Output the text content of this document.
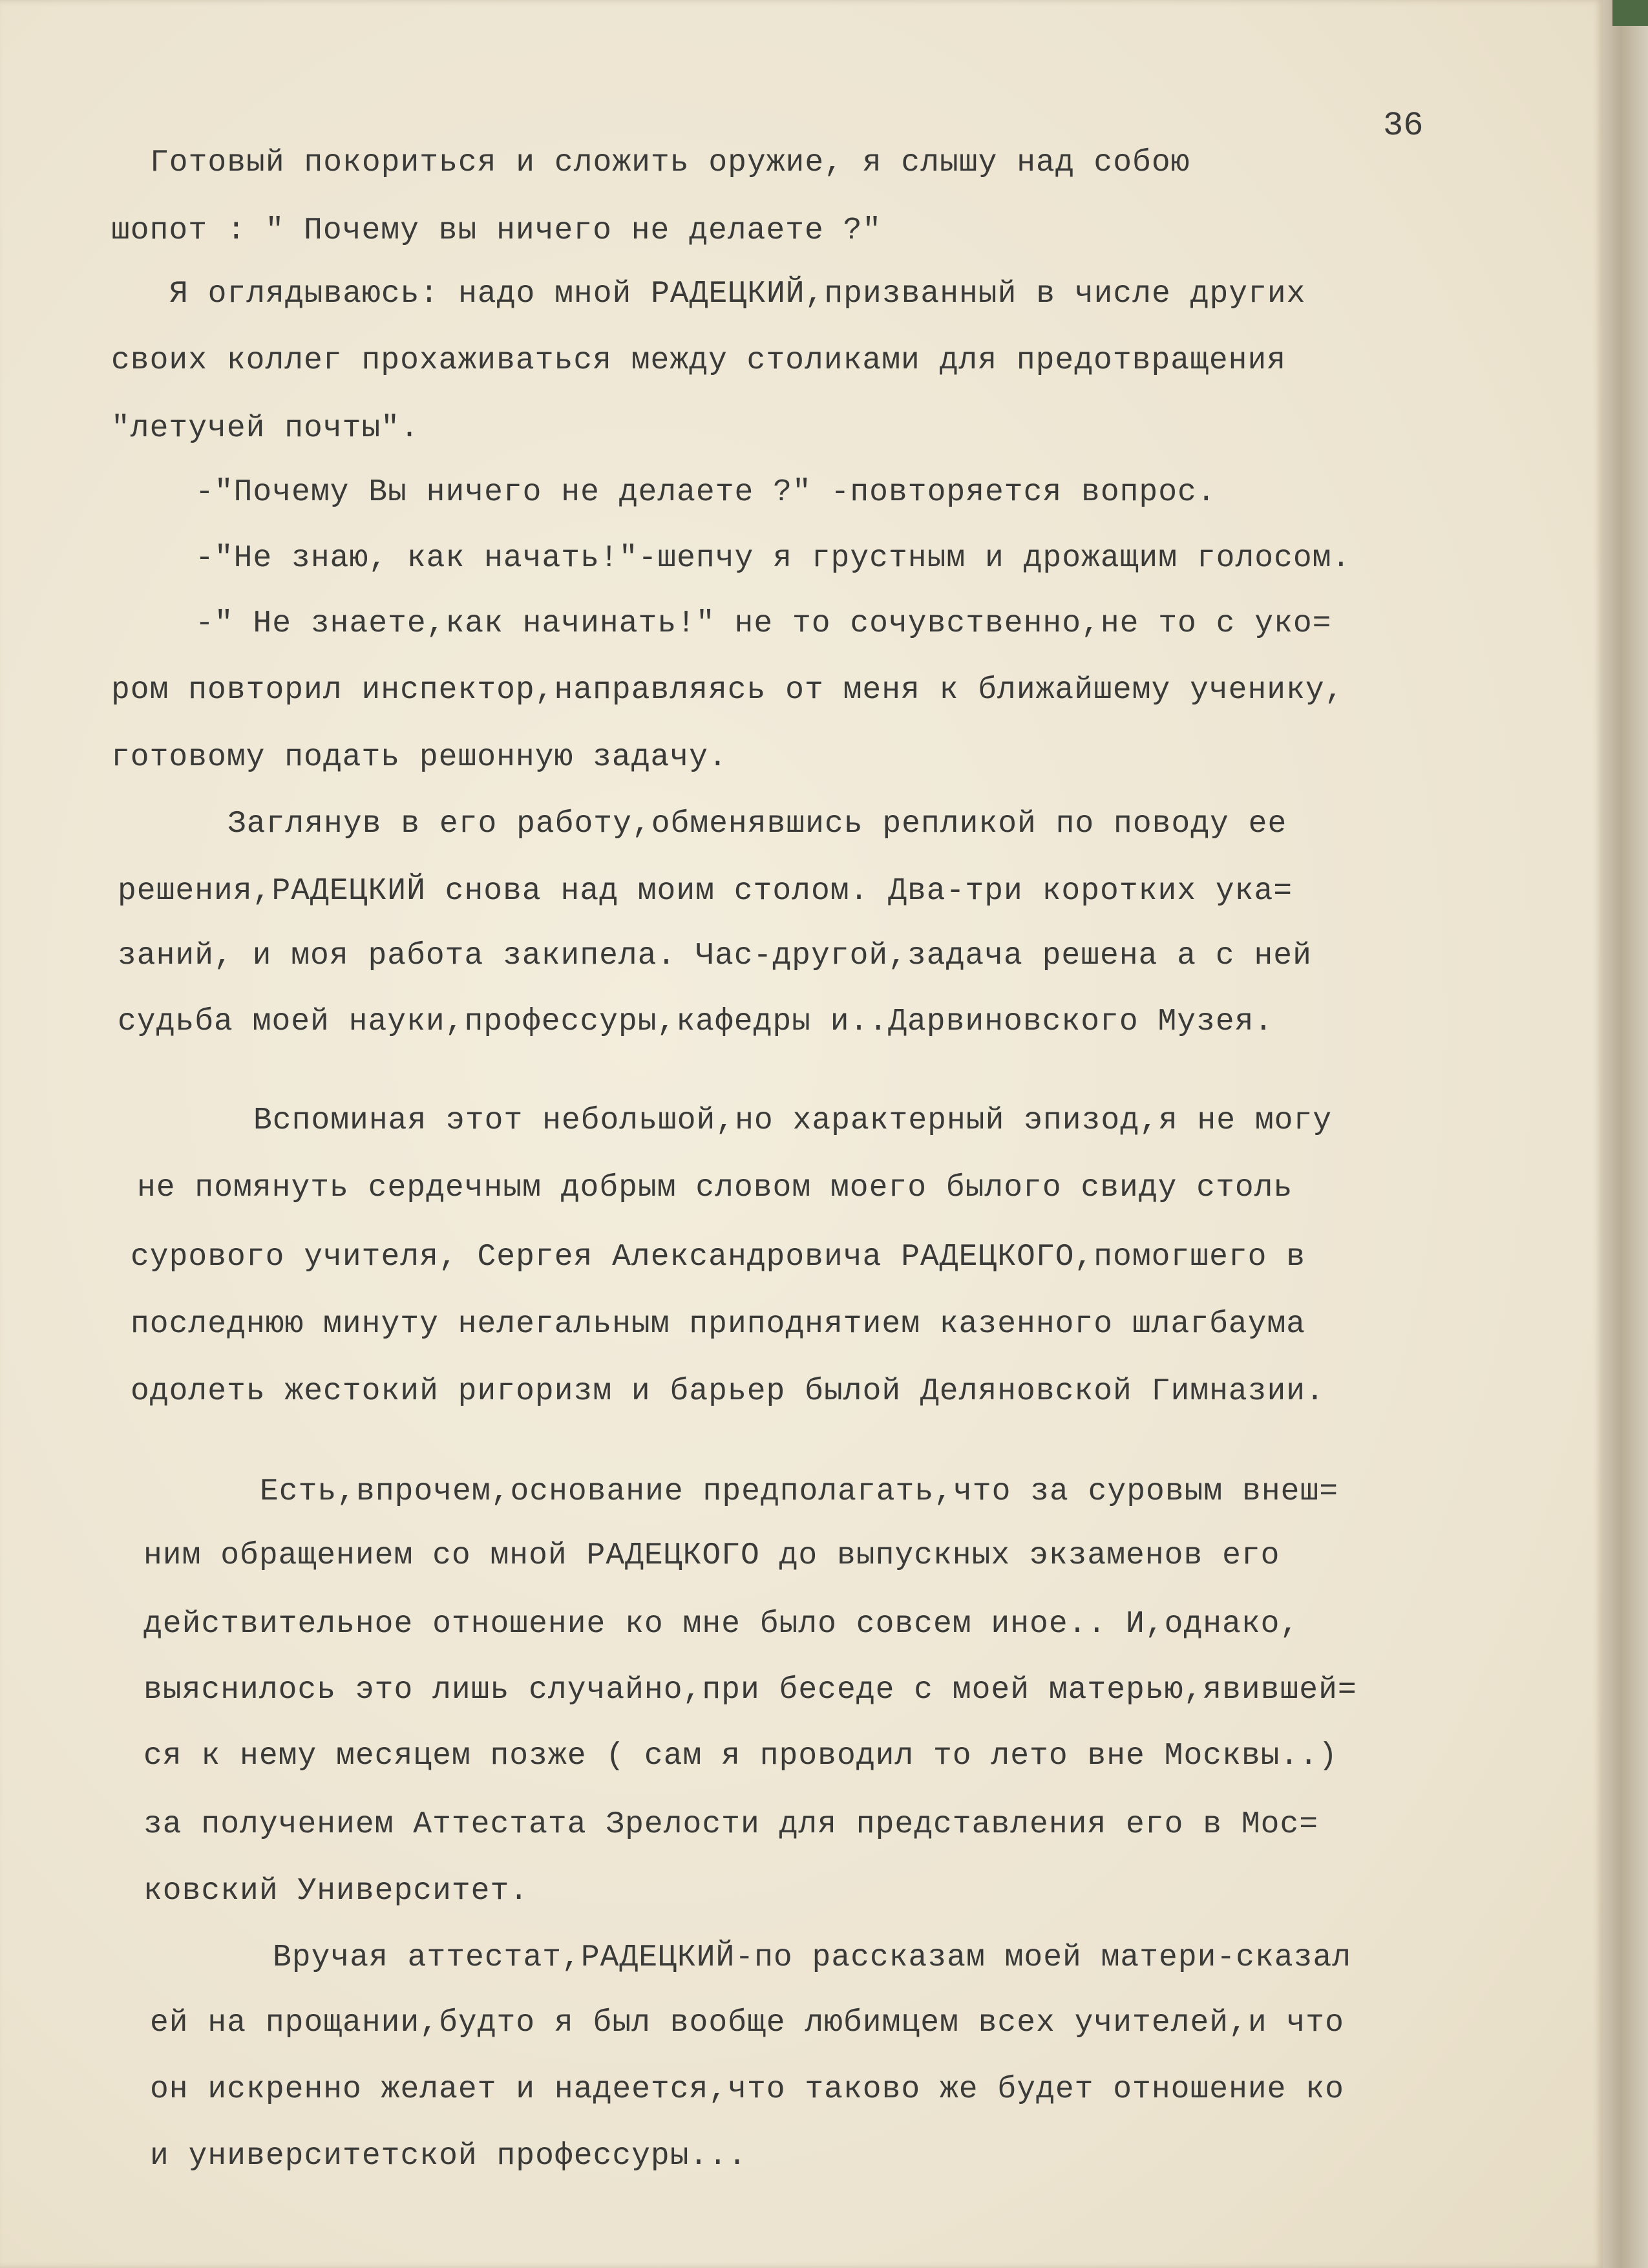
36
Готовый покориться и сложить оружие, я слышу над собою
шопот : " Почему вы ничего не делаете ?"
Я оглядываюсь: надо мной РАДЕЦКИЙ,призванный в числе других
своих коллег прохаживаться между столиками для предотвращения
"летучей почты".
-"Почему Вы ничего не делаете ?" -повторяется вопрос.
-"Не знаю, как начать!"-шепчу я грустным и дрожащим голосом.
-" Не знаете,как начинать!" не то сочувственно,не то с уко=
ром повторил инспектор,направляясь от меня к ближайшему ученику,
готовому подать решонную задачу.
Заглянув в его работу,обменявшись репликой по поводу ее
решения,РАДЕЦКИЙ снова над моим столом. Два-три коротких ука=
заний, и моя работа закипела. Час-другой,задача решена а с ней
судьба моей науки,профессуры,кафедры и..Дарвиновского Музея.
Вспоминая этот небольшой,но характерный эпизод,я не могу
не помянуть сердечным добрым словом моего былого свиду столь
сурового учителя, Сергея Александровича РАДЕЦКОГО,помогшего в
последнюю минуту нелегальным приподнятием казенного шлагбаума
одолеть жестокий ригоризм и барьер былой Деляновской Гимназии.
Есть,впрочем,основание предполагать,что за суровым внеш=
ним обращением со мной РАДЕЦКОГО до выпускных экзаменов его
действительное отношение ко мне было совсем иное.. И,однако,
выяснилось это лишь случайно,при беседе с моей матерью,явившей=
ся к нему месяцем позже ( сам я проводил то лето вне Москвы..)
за получением Аттестата Зрелости для представления его в Мос=
ковский Университет.
Вручая аттестат,РАДЕЦКИЙ-по рассказам моей матери-сказал
ей на прощании,будто я был вообще любимцем всех учителей,и что
он искренно желает и надеется,что таково же будет отношение ко
и университетской профессуры...
